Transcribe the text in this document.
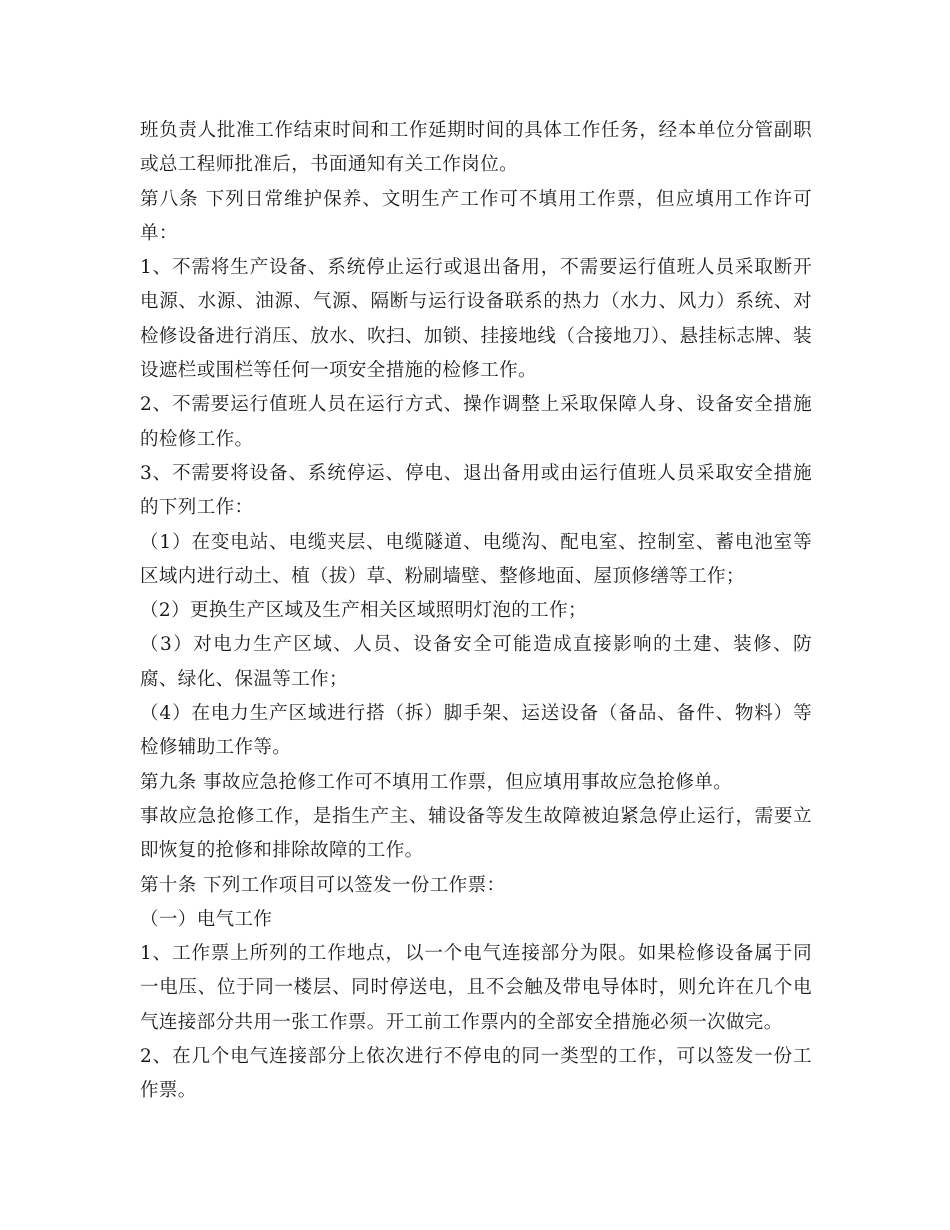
班负责人批准工作结束时间和工作延期时间的具体工作任务，经本单位分管副职或总工程师批准后，书面通知有关工作岗位。

第八条 下列日常维护保养、文明生产工作可不填用工作票，但应填用工作许可单：

1、不需将生产设备、系统停止运行或退出备用，不需要运行值班人员采取断开电源、水源、油源、气源、隔断与运行设备联系的热力（水力、风力）系统、对检修设备进行消压、放水、吹扫、加锁、挂接地线（合接地刀）、悬挂标志牌、装设遮栏或围栏等任何一项安全措施的检修工作。

2、不需要运行值班人员在运行方式、操作调整上采取保障人身、设备安全措施的检修工作。

3、不需要将设备、系统停运、停电、退出备用或由运行值班人员采取安全措施的下列工作：

（1）在变电站、电缆夹层、电缆隧道、电缆沟、配电室、控制室、蓄电池室等区域内进行动土、植（拔）草、粉刷墙壁、整修地面、屋顶修缮等工作；

（2）更换生产区域及生产相关区域照明灯泡的工作；

（3）对电力生产区域、人员、设备安全可能造成直接影响的土建、装修、防腐、绿化、保温等工作；

（4）在电力生产区域进行搭（拆）脚手架、运送设备（备品、备件、物料）等检修辅助工作等。

第九条 事故应急抢修工作可不填用工作票，但应填用事故应急抢修单。

事故应急抢修工作，是指生产主、辅设备等发生故障被迫紧急停止运行，需要立即恢复的抢修和排除故障的工作。

第十条 下列工作项目可以签发一份工作票：

（一）电气工作

1、工作票上所列的工作地点，以一个电气连接部分为限。如果检修设备属于同一电压、位于同一楼层、同时停送电，且不会触及带电导体时，则允许在几个电气连接部分共用一张工作票。开工前工作票内的全部安全措施必须一次做完。

2、在几个电气连接部分上依次进行不停电的同一类型的工作，可以签发一份工作票。
